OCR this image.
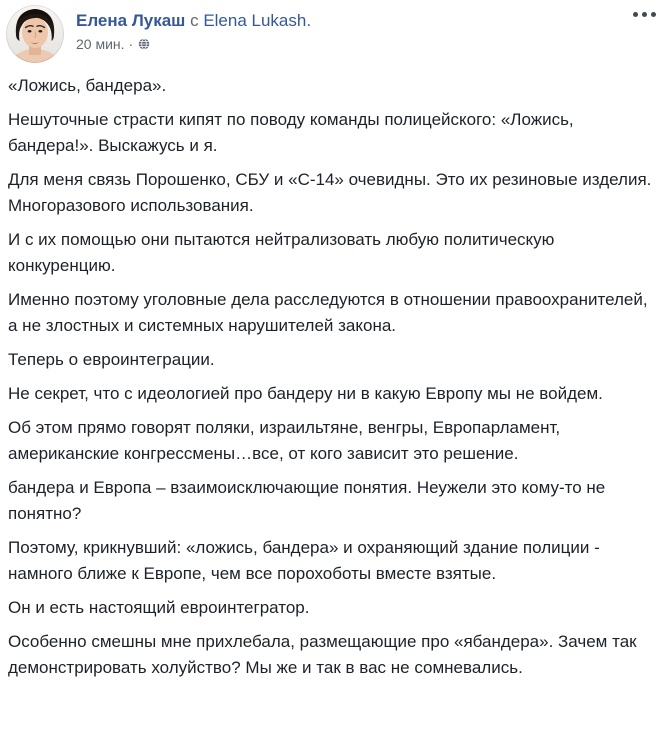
Елена Лукаш с Elena Lukash.
20 мин. ·

«Ложись, бандера».

Нешуточные страсти кипят по поводу команды полицейского: «Ложись, бандера!». Выскажусь и я.

Для меня связь Порошенко, СБУ и «С-14» очевидны. Это их резиновые изделия. Многоразового использования.

И с их помощью они пытаются нейтрализовать любую политическую конкуренцию.

Именно поэтому уголовные дела расследуются в отношении правоохранителей, а не злостных и системных нарушителей закона.

Теперь о евроинтеграции.

Не секрет, что с идеологией про бандеру ни в какую Европу мы не войдем.

Об этом прямо говорят поляки, израильтяне, венгры, Европарламент, американские конгрессмены…все, от кого зависит это решение.

бандера и Европа – взаимоисключающие понятия. Неужели это кому-то не понятно?

Поэтому, крикнувший: «ложись, бандера» и охраняющий здание полиции - намного ближе к Европе, чем все порохоботы вместе взятые.

Он и есть настоящий евроинтегратор.

Особенно смешны мне прихлебала, размещающие про «ябандера». Зачем так демонстрировать холуйство? Мы же и так в вас не сомневались.
